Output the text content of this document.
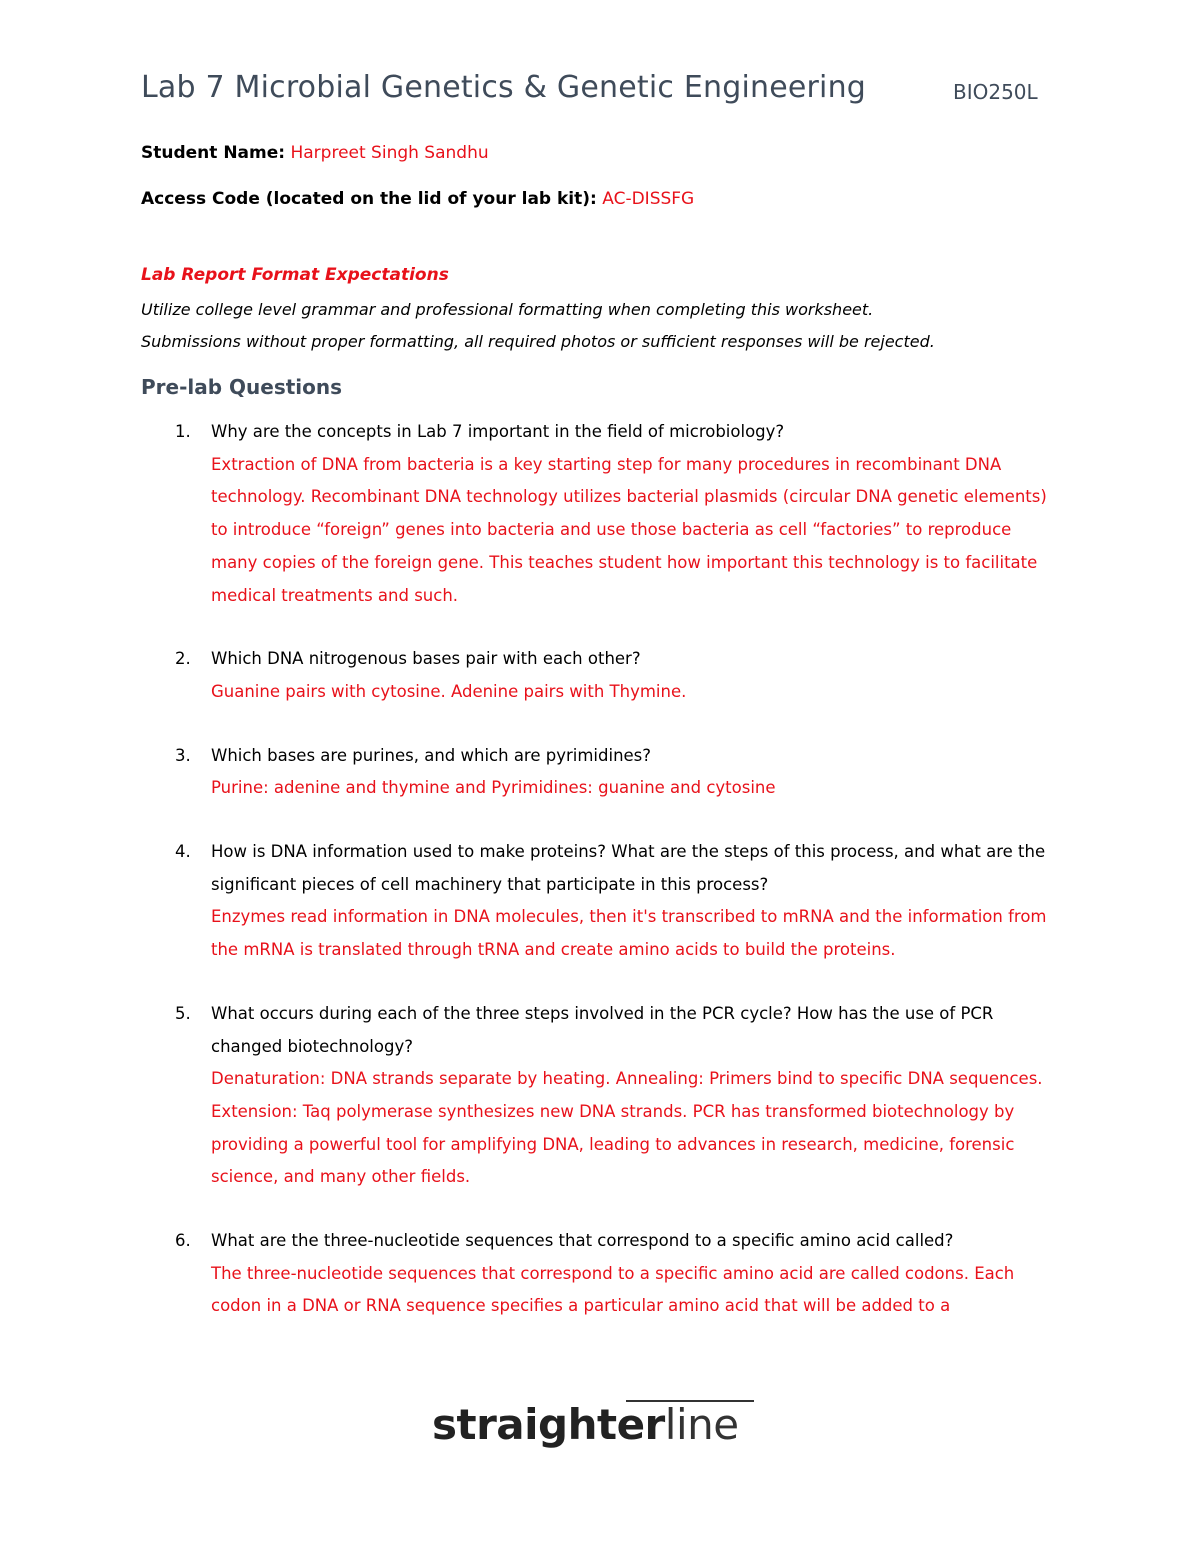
Lab 7 Microbial Genetics & Genetic Engineering	BIO250L
Student Name: Harpreet Singh Sandhu
Access Code (located on the lid of your lab kit): AC-DISSFG
Lab Report Format Expectations
Utilize college level grammar and professional formatting when completing this worksheet.
Submissions without proper formatting, all required photos or sufficient responses will be rejected.
Pre-lab Questions
1. Why are the concepts in Lab 7 important in the field of microbiology?
Extraction of DNA from bacteria is a key starting step for many procedures in recombinant DNA technology. Recombinant DNA technology utilizes bacterial plasmids (circular DNA genetic elements) to introduce “foreign” genes into bacteria and use those bacteria as cell “factories” to reproduce many copies of the foreign gene. This teaches student how important this technology is to facilitate medical treatments and such.
2. Which DNA nitrogenous bases pair with each other?
Guanine pairs with cytosine. Adenine pairs with Thymine.
3. Which bases are purines, and which are pyrimidines?
Purine: adenine and thymine and Pyrimidines: guanine and cytosine
4. How is DNA information used to make proteins? What are the steps of this process, and what are the significant pieces of cell machinery that participate in this process?
Enzymes read information in DNA molecules, then it's transcribed to mRNA and the information from the mRNA is translated through tRNA and create amino acids to build the proteins.
5. What occurs during each of the three steps involved in the PCR cycle? How has the use of PCR changed biotechnology?
Denaturation: DNA strands separate by heating. Annealing: Primers bind to specific DNA sequences. Extension: Taq polymerase synthesizes new DNA strands. PCR has transformed biotechnology by providing a powerful tool for amplifying DNA, leading to advances in research, medicine, forensic science, and many other fields.
6. What are the three-nucleotide sequences that correspond to a specific amino acid called?
The three-nucleotide sequences that correspond to a specific amino acid are called codons. Each codon in a DNA or RNA sequence specifies a particular amino acid that will be added to a
straighterline
